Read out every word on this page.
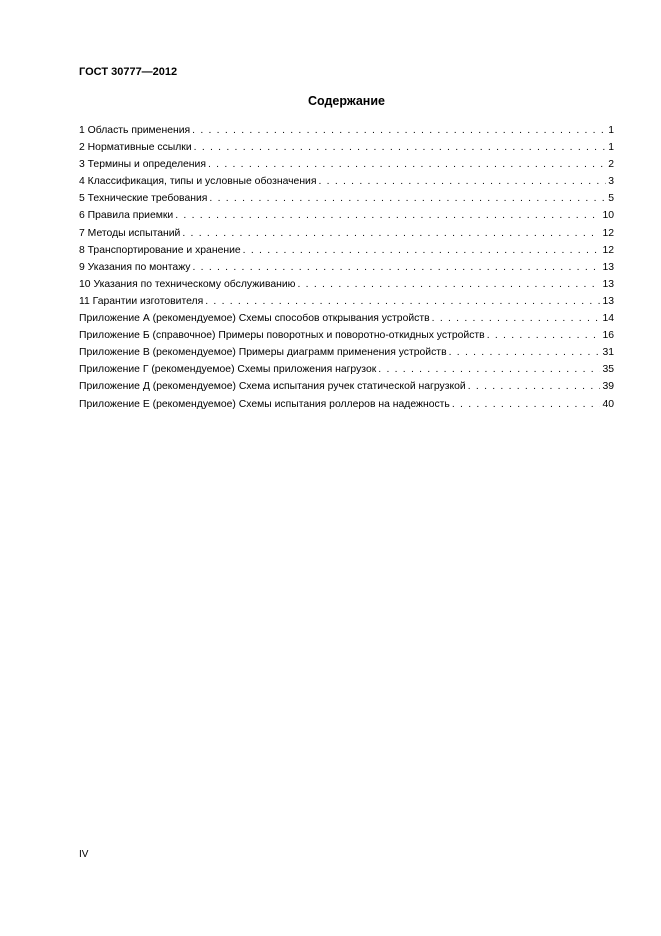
ГОСТ 30777—2012
Содержание
1 Область применения . . .	1
2 Нормативные ссылки . . .	1
3 Термины и определения . . .	2
4 Классификация, типы и условные обозначения . . .	3
5 Технические требования . . .	5
6 Правила приемки . . .	10
7 Методы испытаний . . .	12
8 Транспортирование и хранение . . .	12
9 Указания по монтажу . . .	13
10 Указания по техническому обслуживанию . . .	13
11 Гарантии изготовителя . . .	13
Приложение А (рекомендуемое) Схемы способов открывания устройств . . .	14
Приложение Б (справочное) Примеры поворотных и поворотно-откидных устройств . . .	16
Приложение В (рекомендуемое) Примеры диаграмм применения устройств . . .	31
Приложение Г (рекомендуемое) Схемы приложения нагрузок . . .	35
Приложение Д (рекомендуемое) Схема испытания ручек статической нагрузкой . . .	39
Приложение Е (рекомендуемое) Схемы испытания роллеров на надежность . . .	40
IV
